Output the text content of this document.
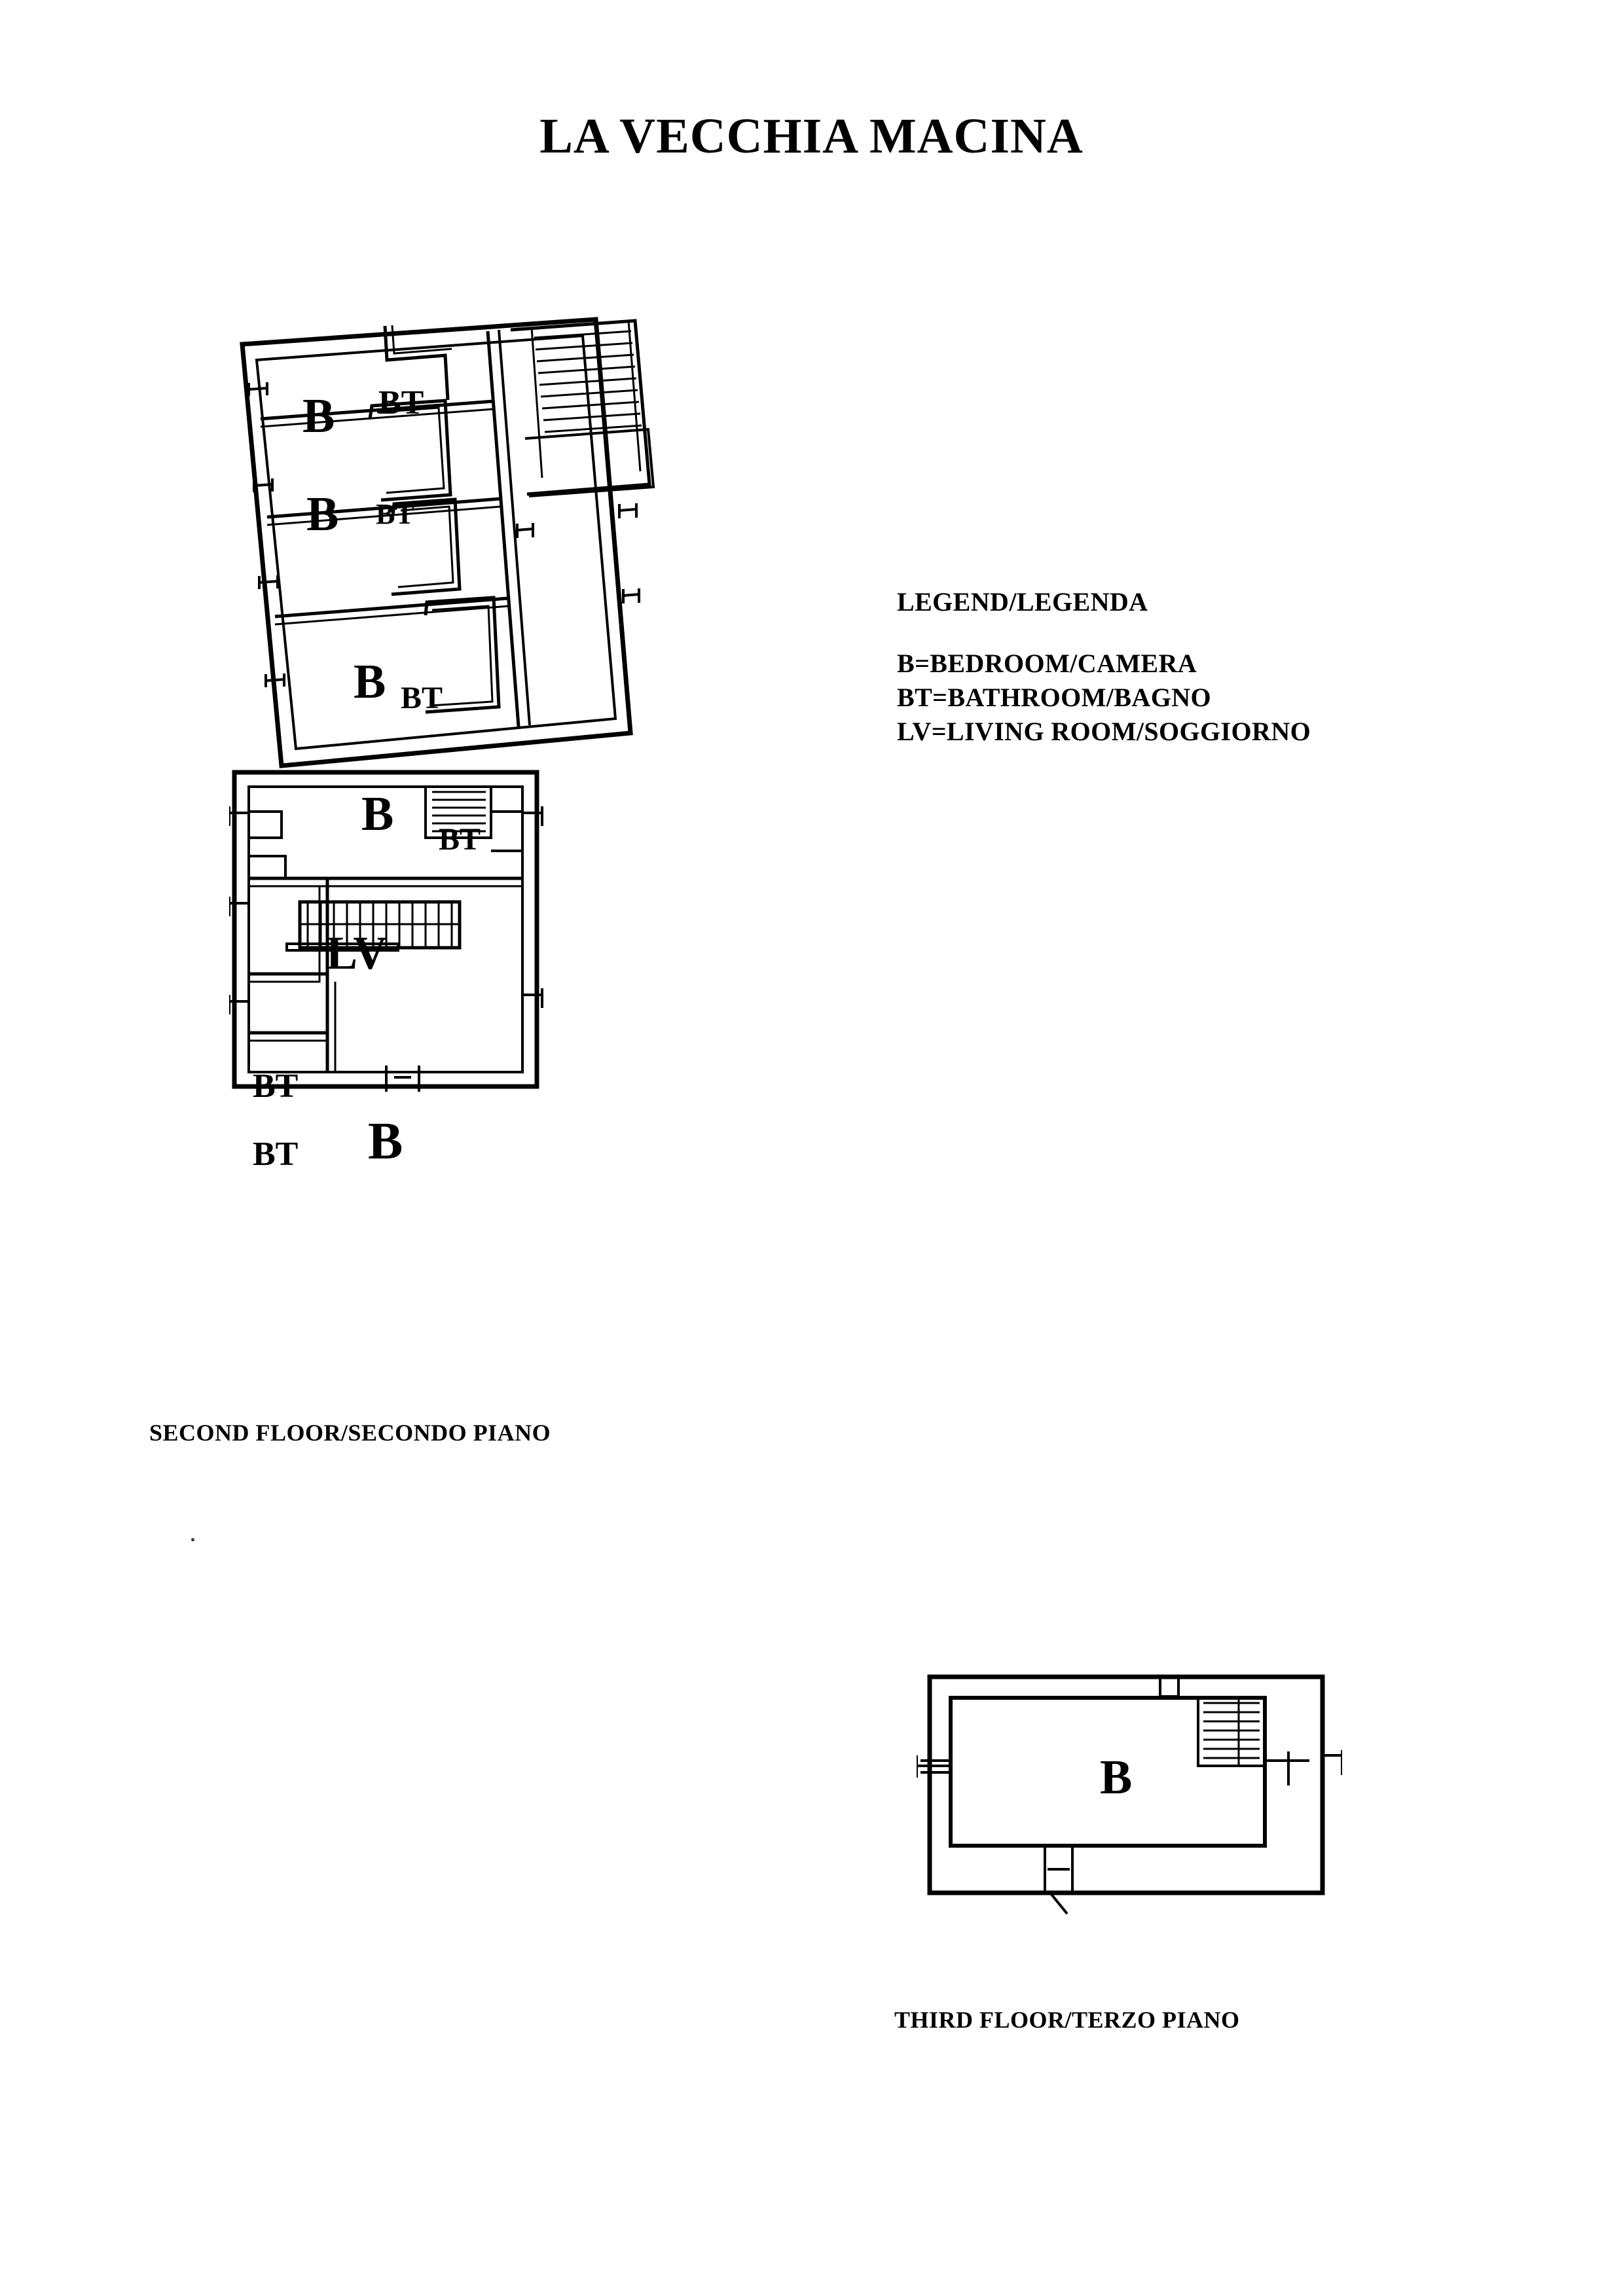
LA VECCHIA MACINA
LEGEND/LEGENDA
B=BEDROOM/CAMERA
BT=BATHROOM/BAGNO
LV=LIVING ROOM/SOGGIORNO
B BT
B BT
B BT
B BT
LV
BT
BT B
B
SECOND FLOOR/SECONDO PIANO
THIRD FLOOR/TERZO PIANO
